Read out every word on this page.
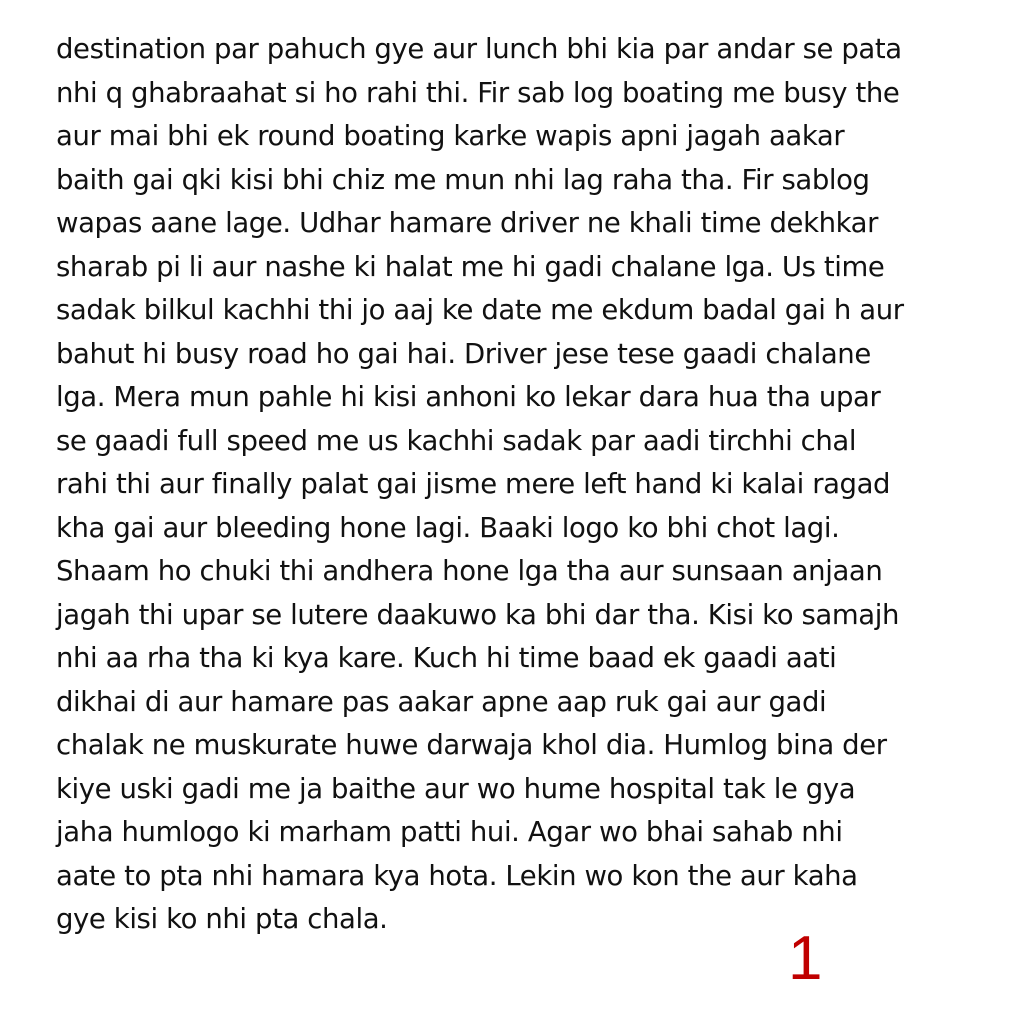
destination par pahuch gye aur lunch bhi kia par andar se pata
nhi q ghabraahat si ho rahi thi. Fir sab log boating me busy the
aur mai bhi ek round boating karke wapis apni jagah aakar
baith gai qki kisi bhi chiz me mun nhi lag raha tha. Fir sablog
wapas aane lage. Udhar hamare driver ne khali time dekhkar
sharab pi li aur nashe ki halat me hi gadi chalane lga. Us time
sadak bilkul kachhi thi jo aaj ke date me ekdum badal gai h aur
bahut hi busy road ho gai hai. Driver jese tese gaadi chalane
lga. Mera mun pahle hi kisi anhoni ko lekar dara hua tha upar
se gaadi full speed me us kachhi sadak par aadi tirchhi chal
rahi thi aur finally palat gai jisme mere left hand ki kalai ragad
kha gai aur bleeding hone lagi. Baaki logo ko bhi chot lagi.
Shaam ho chuki thi andhera hone lga tha aur sunsaan anjaan
jagah thi upar se lutere daakuwo ka bhi dar tha. Kisi ko samajh
nhi aa rha tha ki kya kare. Kuch hi time baad ek gaadi aati
dikhai di aur hamare pas aakar apne aap ruk gai aur gadi
chalak ne muskurate huwe darwaja khol dia. Humlog bina der
kiye uski gadi me ja baithe aur wo hume hospital tak le gya
jaha humlogo ki marham patti hui. Agar wo bhai sahab nhi
aate to pta nhi hamara kya hota. Lekin wo kon the aur kaha
gye kisi ko nhi pta chala.

1
